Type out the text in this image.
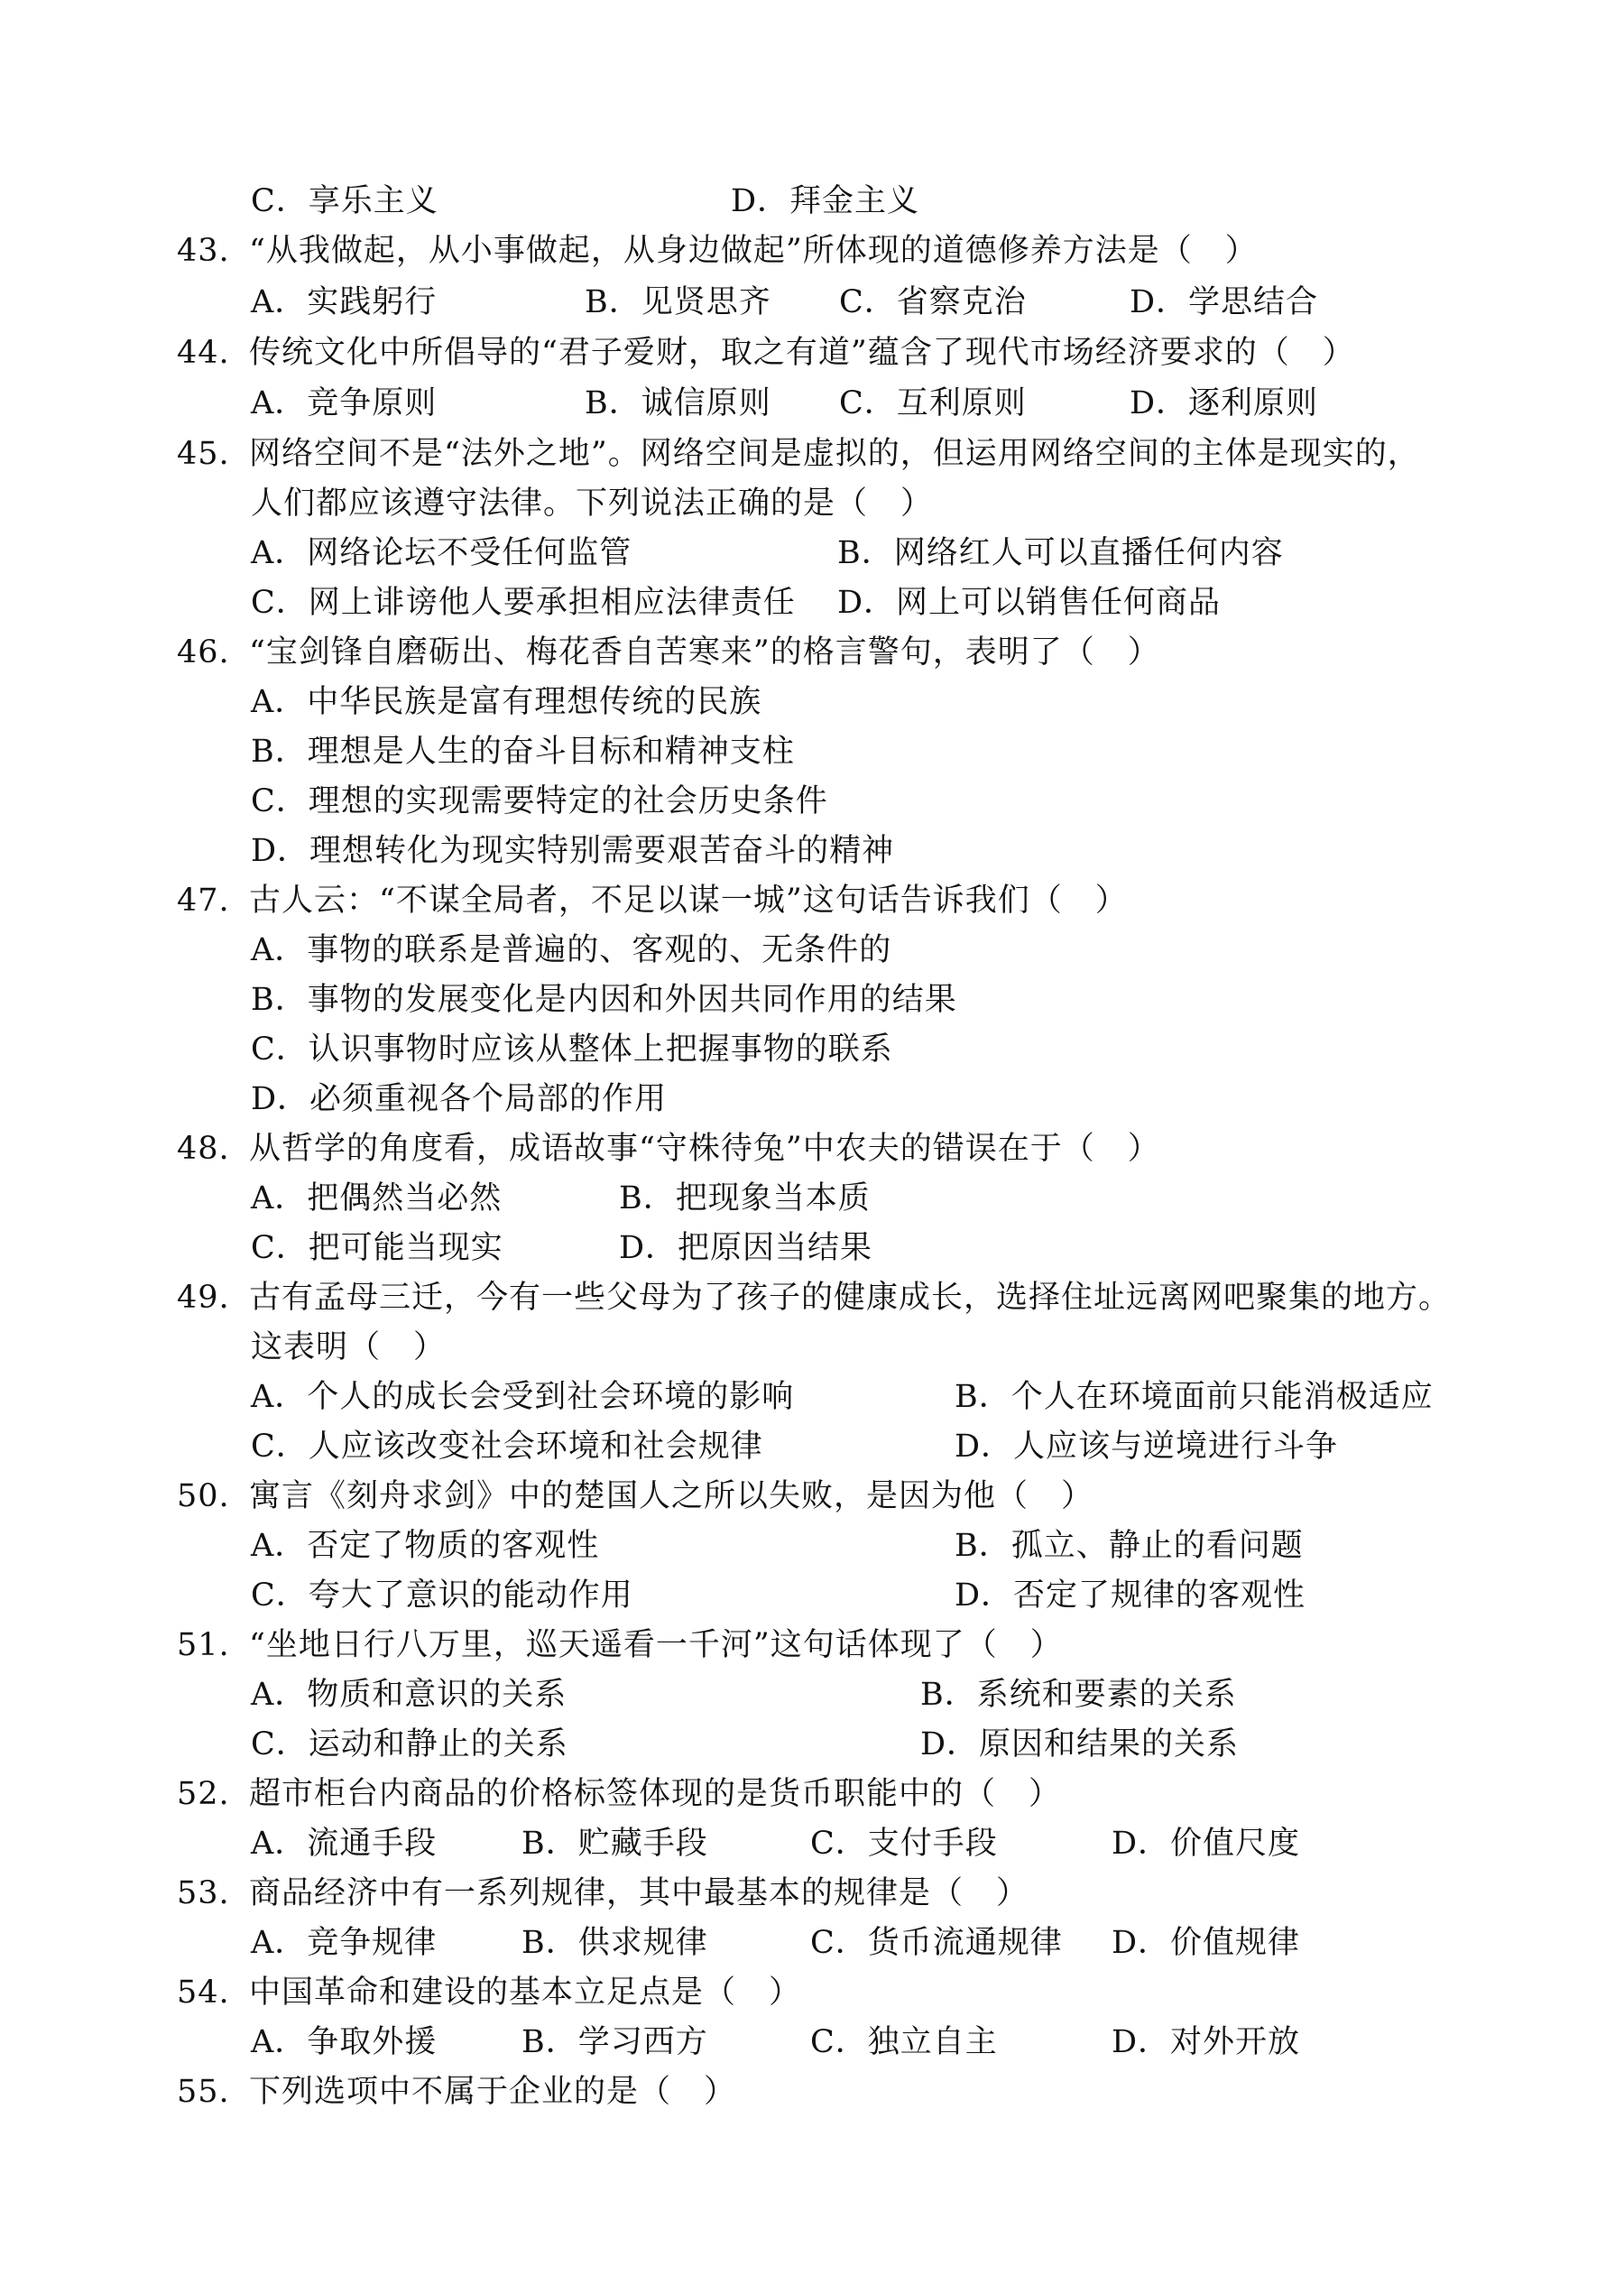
C．享乐主义	D．拜金主义
43. “从我做起，从小事做起，从身边做起”所体现的道德修养方法是（　）
A．实践躬行	B．见贤思齐 C．省察克治	D．学思结合
44. 传统文化中所倡导的“君子爱财，取之有道”蕴含了现代市场经济要求的（　）
A．竞争原则	B．诚信原则 C．互利原则	D．逐利原则
45. 网络空间不是“法外之地”。网络空间是虚拟的，但运用网络空间的主体是现实的，
人们都应该遵守法律。下列说法正确的是（　）
A．网络论坛不受任何监管	B．网络红人可以直播任何内容
C．网上诽谤他人要承担相应法律责任 D．网上可以销售任何商品
46. “宝剑锋自磨砺出、梅花香自苦寒来”的格言警句，表明了（　）
A．中华民族是富有理想传统的民族
B．理想是人生的奋斗目标和精神支柱
C．理想的实现需要特定的社会历史条件
D．理想转化为现实特别需要艰苦奋斗的精神
47. 古人云：“不谋全局者，不足以谋一城”这句话告诉我们（　）
A．事物的联系是普遍的、客观的、无条件的
B．事物的发展变化是内因和外因共同作用的结果
C．认识事物时应该从整体上把握事物的联系
D．必须重视各个局部的作用
48. 从哲学的角度看，成语故事“守株待兔”中农夫的错误在于（　）
A．把偶然当必然	B．把现象当本质
C．把可能当现实	D．把原因当结果
49. 古有孟母三迁，今有一些父母为了孩子的健康成长，选择住址远离网吧聚集的地方。
这表明（　）
A．个人的成长会受到社会环境的影响	B．个人在环境面前只能消极适应
C．人应该改变社会环境和社会规律	D．人应该与逆境进行斗争
50. 寓言《刻舟求剑》中的楚国人之所以失败，是因为他（　）
A．否定了物质的客观性	B．孤立、静止的看问题
C．夸大了意识的能动作用	D．否定了规律的客观性
51. “坐地日行八万里，巡天遥看一千河”这句话体现了（　）
A．物质和意识的关系	B．系统和要素的关系
C．运动和静止的关系	D．原因和结果的关系
52. 超市柜台内商品的价格标签体现的是货币职能中的（　）
A．流通手段	B．贮藏手段	C．支付手段	D．价值尺度
53. 商品经济中有一系列规律，其中最基本的规律是（　）
A．竞争规律	B．供求规律	C．货币流通规律 D．价值规律
54. 中国革命和建设的基本立足点是（　）
A．争取外援	B．学习西方	C．独立自主	D．对外开放
55. 下列选项中不属于企业的是（　）
